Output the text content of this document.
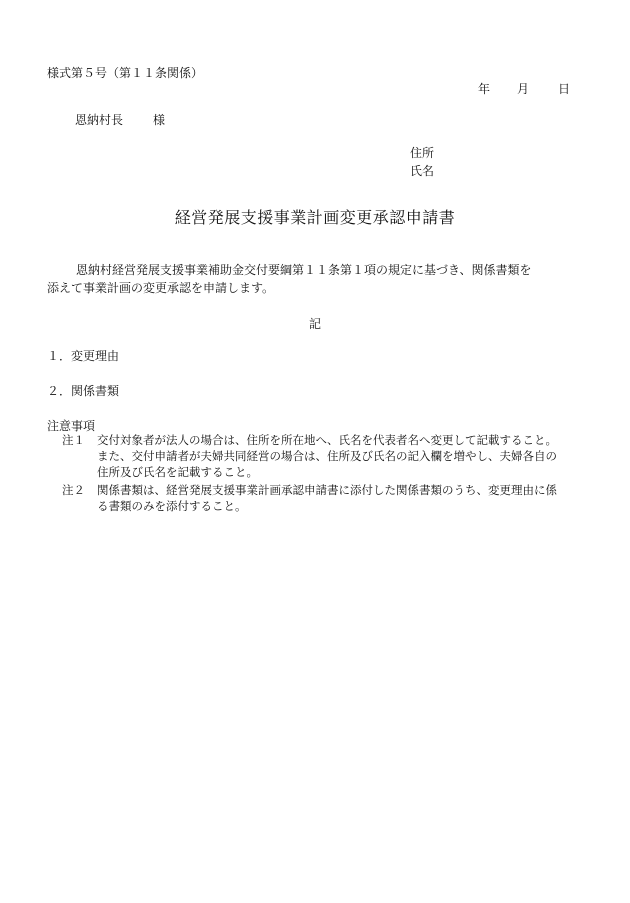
様式第５号（第１１条関係）
年 月 日
恩納村長 様
住所
氏名
経営発展支援事業計画変更承認申請書
恩納村経営発展支援事業補助金交付要綱第１１条第１項の規定に基づき、関係書類を
添えて事業計画の変更承認を申請します。
記
１．変更理由
２．関係書類
注意事項
注１ 交付対象者が法人の場合は、住所を所在地へ、氏名を代表者名へ変更して記載すること。
また、交付申請者が夫婦共同経営の場合は、住所及び氏名の記入欄を増やし、夫婦各自の
住所及び氏名を記載すること。
注２ 関係書類は、経営発展支援事業計画承認申請書に添付した関係書類のうち、変更理由に係
る書類のみを添付すること。
